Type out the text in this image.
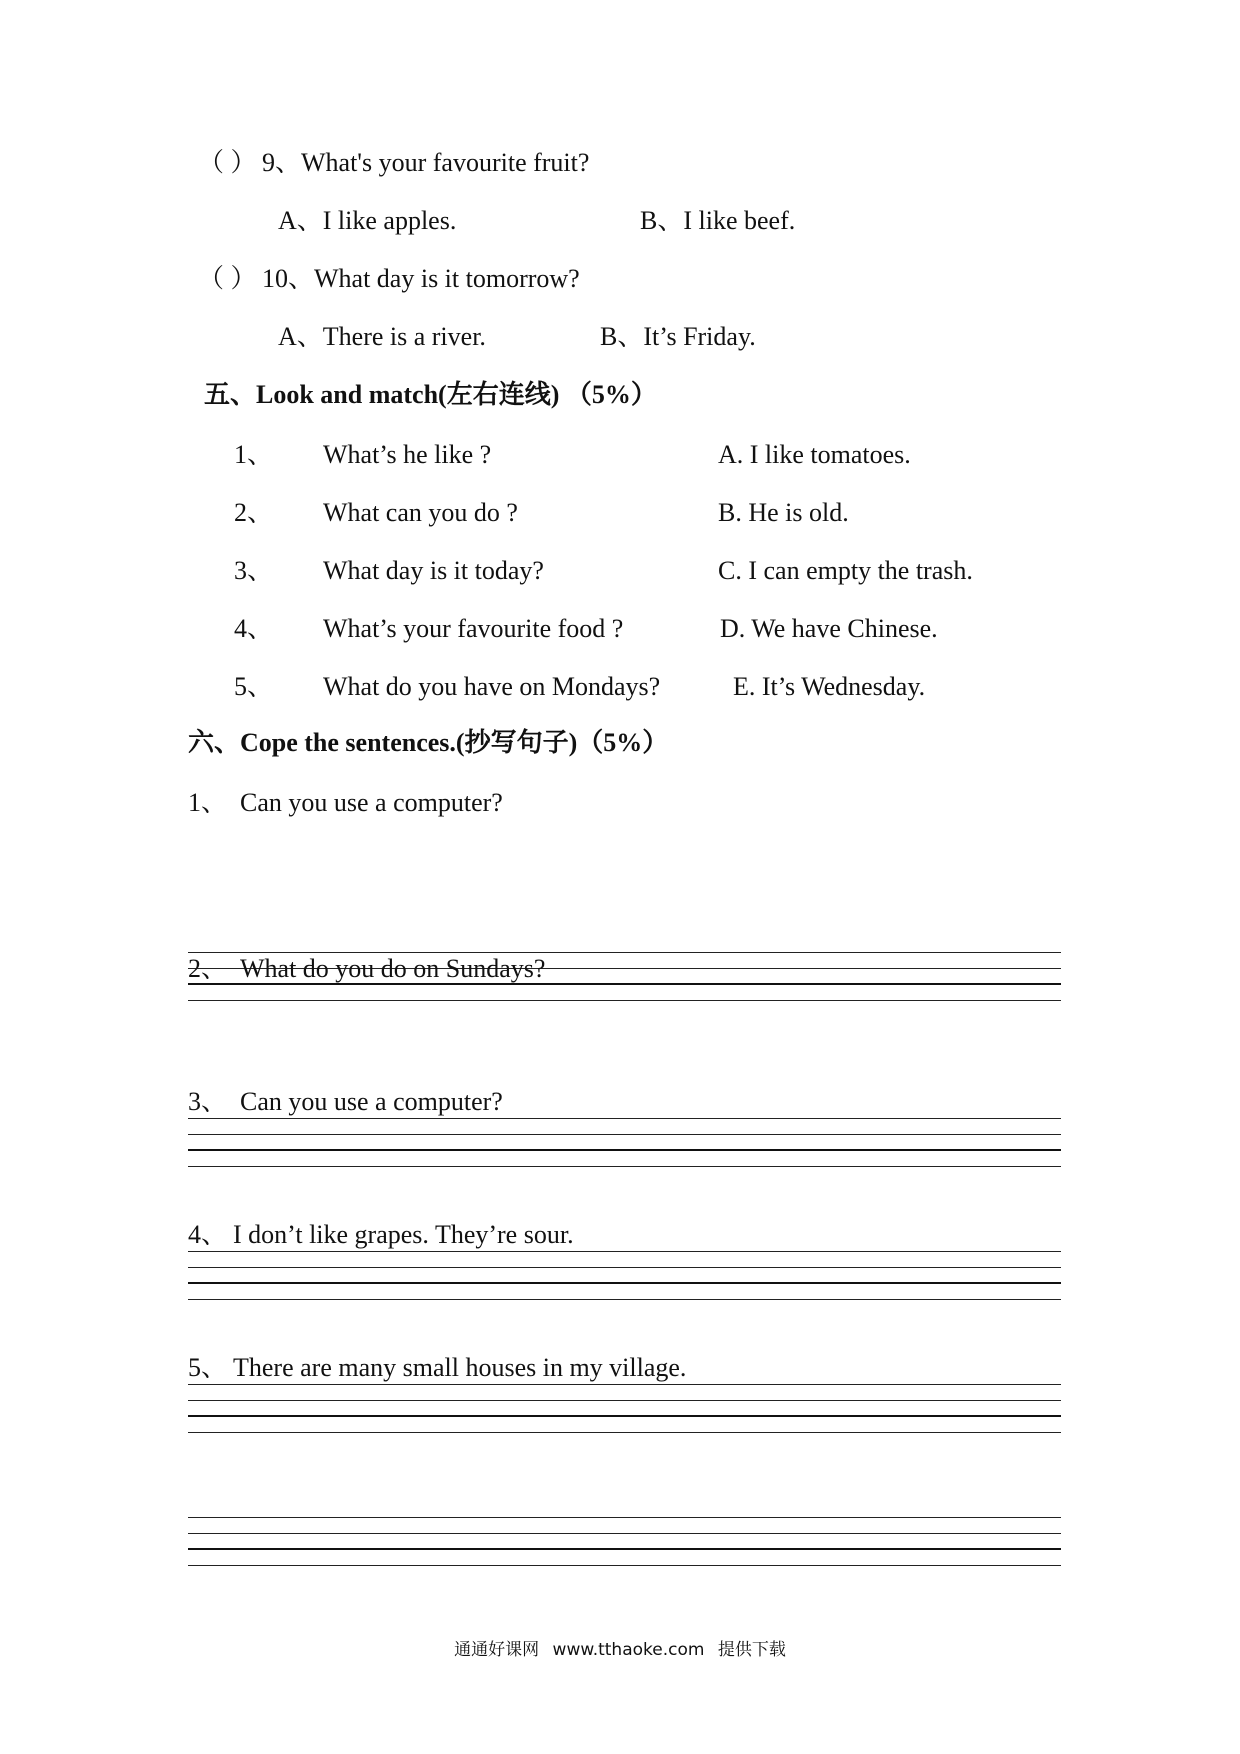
（ ） 9、What's your favourite fruit?
A、I like apples.	B、I like beef.
（ ） 10、What day is it tomorrow?
A、There is a river.	B、It’s Friday.
五、Look and match(左右连线) （5%）
1、 What’s he like ?	A. I like tomatoes.
2、 What can you do ?	B. He is old.
3、 What day is it today?	C. I can empty the trash.
4、 What’s your favourite food ?	D. We have Chinese.
5、 What do you have on Mondays?	E. It’s Wednesday.
六、Cope the sentences.(抄写句子)（5%）
1、 Can you use a computer?
2、 What do you do on Sundays?
3、 Can you use a computer?
4、 I don’t like grapes. They’re sour.
5、 There are many small houses in my village.
通通好课网 www.tthaoke.com 提供下载
